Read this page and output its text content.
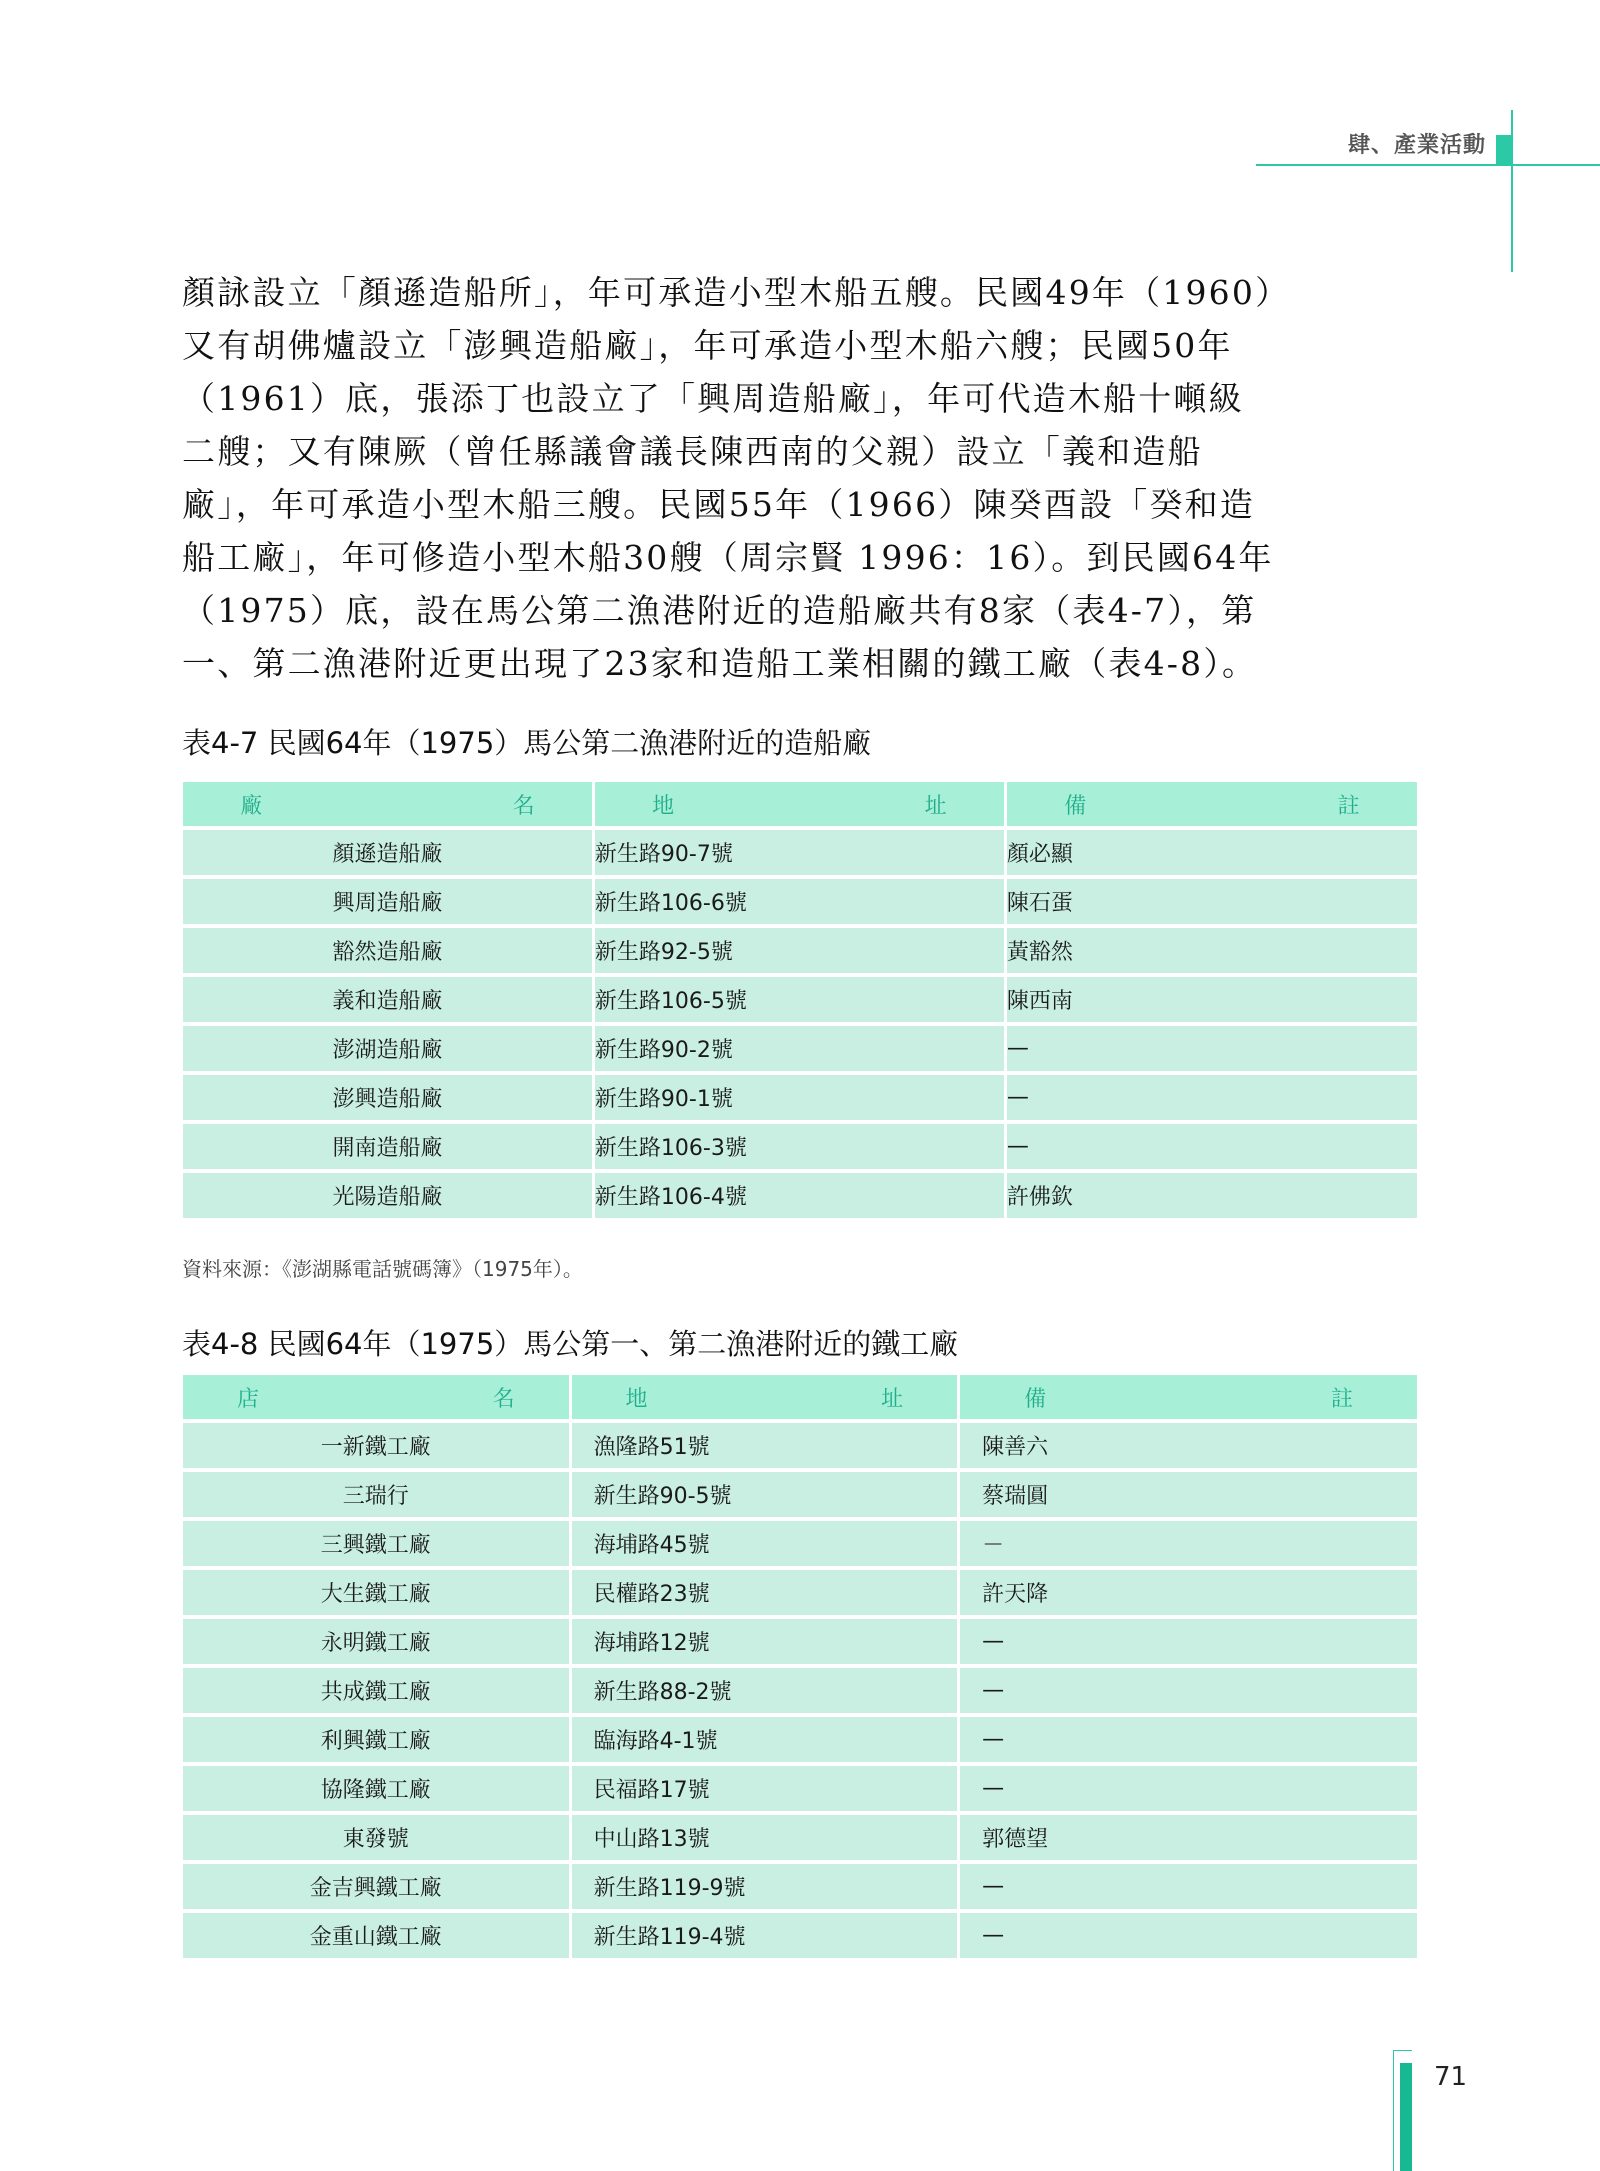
肆、產業活動
顏詠設立「顏遜造船所」，年可承造小型木船五艘。民國49年（1960）
又有胡佛爐設立「澎興造船廠」，年可承造小型木船六艘；民國50年
（1961）底，張添丁也設立了「興周造船廠」，年可代造木船十噸級
二艘；又有陳厥（曾任縣議會議長陳西南的父親）設立「義和造船
廠」，年可承造小型木船三艘。民國55年（1966）陳癸酉設「癸和造
船工廠」，年可修造小型木船30艘（周宗賢 1996：16）。到民國64年
（1975）底，設在馬公第二漁港附近的造船廠共有8家（表4-7），第
一、第二漁港附近更出現了23家和造船工業相關的鐵工廠（表4-8）。
表4-7 民國64年（1975）馬公第二漁港附近的造船廠
廠 名	地 址	備 註

顏遜造船廠	新生路90-7號	顏必顯
興周造船廠	新生路106-6號	陳石蛋
豁然造船廠	新生路92-5號	黃豁然
義和造船廠	新生路106-5號	陳西南
澎湖造船廠	新生路90-2號	—
澎興造船廠	新生路90-1號	—
開南造船廠	新生路106-3號	—
光陽造船廠	新生路106-4號	許佛欽
資料來源：《澎湖縣電話號碼簿》（1975年）。
表4-8 民國64年（1975）馬公第一、第二漁港附近的鐵工廠
店 名	地 址	備 註

一新鐵工廠	漁隆路51號	陳善六
三瑞行	新生路90-5號	蔡瑞圓
三興鐵工廠	海埔路45號	－
大生鐵工廠	民權路23號	許天降
永明鐵工廠	海埔路12號	—
共成鐵工廠	新生路88-2號	—
利興鐵工廠	臨海路4-1號	—
協隆鐵工廠	民福路17號	—
東發號	中山路13號	郭德望
金吉興鐵工廠	新生路119-9號	—
金重山鐵工廠	新生路119-4號	—
71
